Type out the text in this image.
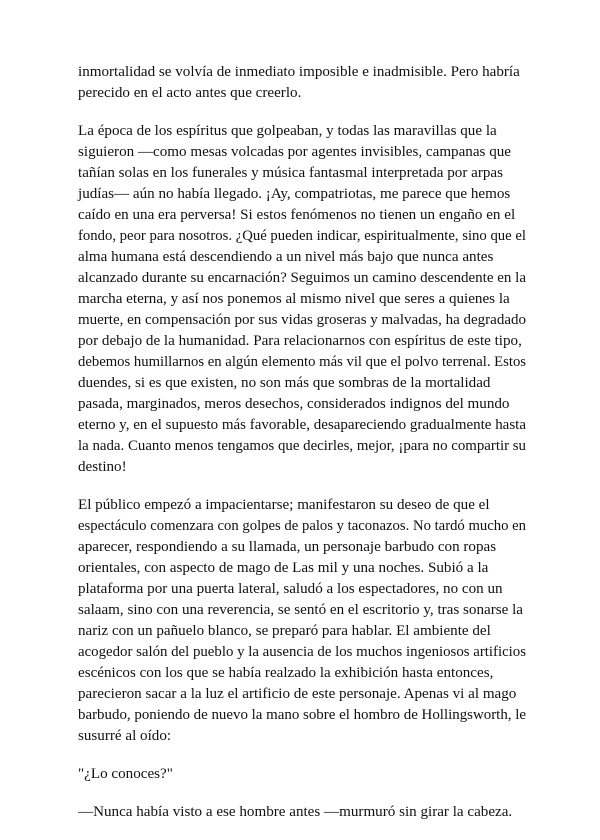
inmortalidad se volvía de inmediato imposible e inadmisible. Pero habría
perecido en el acto antes que creerlo.

La época de los espíritus que golpeaban, y todas las maravillas que la
siguieron —como mesas volcadas por agentes invisibles, campanas que
tañían solas en los funerales y música fantasmal interpretada por arpas
judías— aún no había llegado. ¡Ay, compatriotas, me parece que hemos
caído en una era perversa! Si estos fenómenos no tienen un engaño en el
fondo, peor para nosotros. ¿Qué pueden indicar, espiritualmente, sino que el
alma humana está descendiendo a un nivel más bajo que nunca antes
alcanzado durante su encarnación? Seguimos un camino descendente en la
marcha eterna, y así nos ponemos al mismo nivel que seres a quienes la
muerte, en compensación por sus vidas groseras y malvadas, ha degradado
por debajo de la humanidad. Para relacionarnos con espíritus de este tipo,
debemos humillarnos en algún elemento más vil que el polvo terrenal. Estos
duendes, si es que existen, no son más que sombras de la mortalidad
pasada, marginados, meros desechos, considerados indignos del mundo
eterno y, en el supuesto más favorable, desapareciendo gradualmente hasta
la nada. Cuanto menos tengamos que decirles, mejor, ¡para no compartir su
destino!

El público empezó a impacientarse; manifestaron su deseo de que el
espectáculo comenzara con golpes de palos y taconazos. No tardó mucho en
aparecer, respondiendo a su llamada, un personaje barbudo con ropas
orientales, con aspecto de mago de Las mil y una noches. Subió a la
plataforma por una puerta lateral, saludó a los espectadores, no con un
salaam, sino con una reverencia, se sentó en el escritorio y, tras sonarse la
nariz con un pañuelo blanco, se preparó para hablar. El ambiente del
acogedor salón del pueblo y la ausencia de los muchos ingeniosos artificios
escénicos con los que se había realzado la exhibición hasta entonces,
parecieron sacar a la luz el artificio de este personaje. Apenas vi al mago
barbudo, poniendo de nuevo la mano sobre el hombro de Hollingsworth, le
susurré al oído:

"¿Lo conoces?"

—Nunca había visto a ese hombre antes —murmuró sin girar la cabeza.
